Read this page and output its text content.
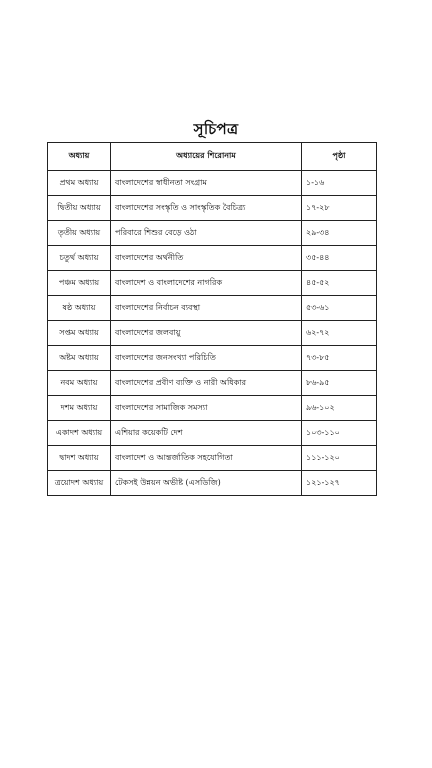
সূচিপত্র
অধ্যায়	অধ্যায়ের শিরোনাম	পৃষ্ঠা
প্রথম অধ্যায়	বাংলাদেশের স্বাধীনতা সংগ্রাম	১-১৬
দ্বিতীয় অধ্যায়	বাংলাদেশের সংস্কৃতি ও সাংস্কৃতিক বৈচিত্র্য	১৭-২৮
তৃতীয় অধ্যায়	পরিবারে শিশুর বেড়ে ওঠা	২৯-৩৪
চতুর্থ অধ্যায়	বাংলাদেশের অর্থনীতি	৩৫-৪৪
পঞ্চম অধ্যায়	বাংলাদেশ ও বাংলাদেশের নাগরিক	৪৫-৫২
ষষ্ঠ অধ্যায়	বাংলাদেশের নির্বাচন ব্যবস্থা	৫৩-৬১
সপ্তম অধ্যায়	বাংলাদেশের জলবায়ু	৬২-৭২
অষ্টম অধ্যায়	বাংলাদেশের জনসংখ্যা পরিচিতি	৭৩-৮৫
নবম অধ্যায়	বাংলাদেশের প্রবীণ ব্যক্তি ও নারী অধিকার	৮৬-৯৫
দশম অধ্যায়	বাংলাদেশের সামাজিক সমস্যা	৯৬-১০২
একাদশ অধ্যায়	এশিয়ার কয়েকটি দেশ	১০৩-১১০
দ্বাদশ অধ্যায়	বাংলাদেশ ও আন্তর্জাতিক সহযোগিতা	১১১-১২০
ত্রয়োদশ অধ্যায়	টেকসই উন্নয়ন অভীষ্ট (এসডিজি)	১২১-১২৭
